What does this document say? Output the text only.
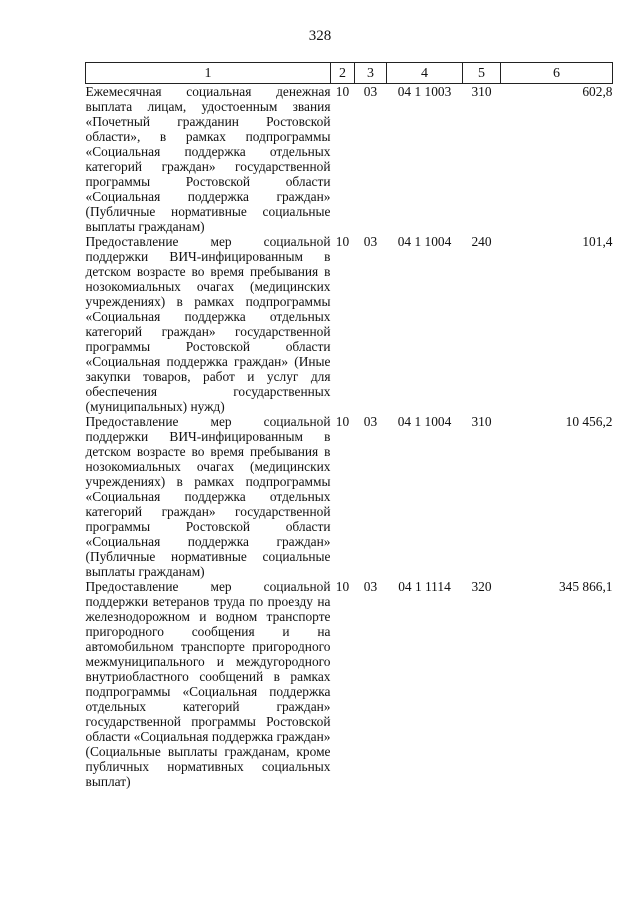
328
1	2	3	4	5	6
Ежемесячная социальная денежная выплата лицам, удостоенным звания «Почетный гражданин Ростовской области», в рамках подпрограммы «Социальная поддержка отдельных категорий граждан» государственной программы Ростовской области «Социальная поддержка граждан» (Публичные нормативные социальные выплаты гражданам)	10	03	04 1 1003	310	602,8
Предоставление мер социальной поддержки ВИЧ-инфицированным в детском возрасте во время пребывания в нозокомиальных очагах (медицинских учреждениях) в рамках подпрограммы «Социальная поддержка отдельных категорий граждан» государственной программы Ростовской области «Социальная поддержка граждан» (Иные закупки товаров, работ и услуг для обеспечения государственных (муниципальных) нужд)	10	03	04 1 1004	240	101,4
Предоставление мер социальной поддержки ВИЧ-инфицированным в детском возрасте во время пребывания в нозокомиальных очагах (медицинских учреждениях) в рамках подпрограммы «Социальная поддержка отдельных категорий граждан» государственной программы Ростовской области «Социальная поддержка граждан» (Публичные нормативные социальные выплаты гражданам)	10	03	04 1 1004	310	10 456,2
Предоставление мер социальной поддержки ветеранов труда по проезду на железнодорожном и водном транспорте пригородного сообщения и на автомобильном транспорте пригородного межмуниципального и междугородного внутриобластного сообщений в рамках подпрограммы «Социальная поддержка отдельных категорий граждан» государственной программы Ростовской области «Социальная поддержка граждан» (Социальные выплаты гражданам, кроме публичных нормативных социальных выплат)	10	03	04 1 1114	320	345 866,1
